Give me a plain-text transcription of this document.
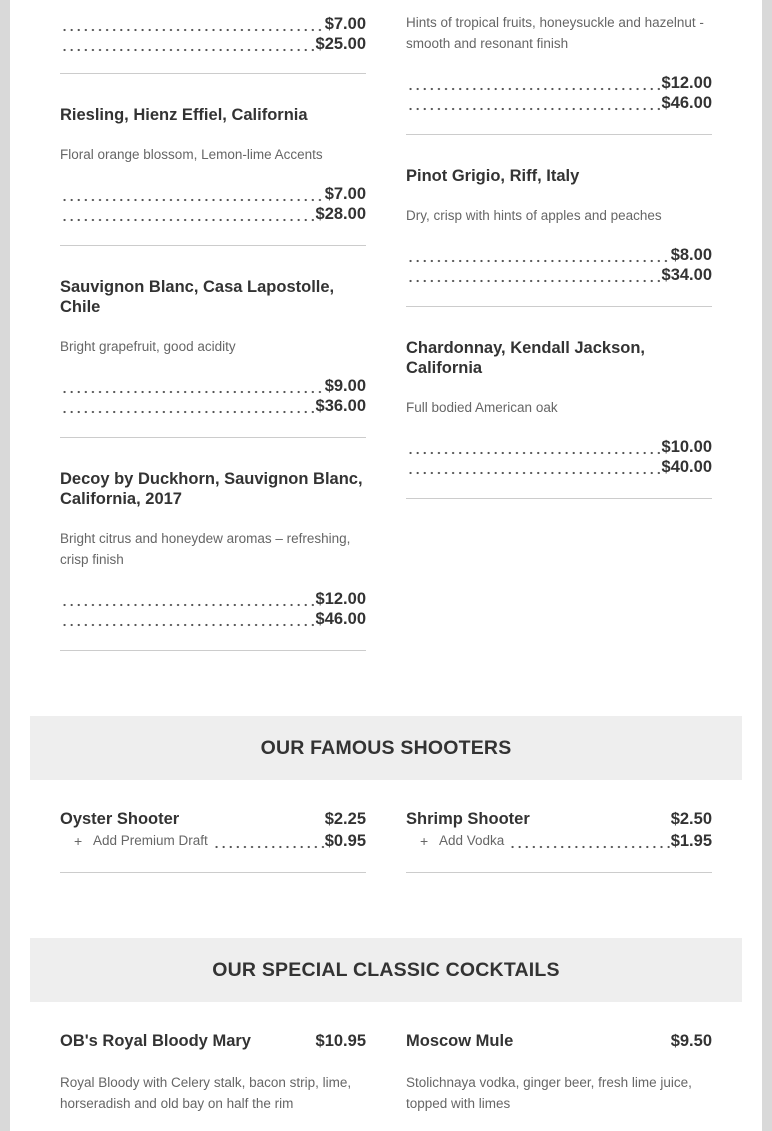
$7.00
$25.00
Riesling, Hienz Effiel, California
Floral orange blossom, Lemon-lime Accents
$7.00
$28.00
Sauvignon Blanc, Casa Lapostolle, Chile
Bright grapefruit, good acidity
$9.00
$36.00
Decoy by Duckhorn, Sauvignon Blanc, California, 2017
Bright citrus and honeydew aromas – refreshing, crisp finish
$12.00
$46.00
Hints of tropical fruits, honeysuckle and hazelnut - smooth and resonant finish
$12.00
$46.00
Pinot Grigio, Riff, Italy
Dry, crisp with hints of apples and peaches
$8.00
$34.00
Chardonnay, Kendall Jackson, California
Full bodied American oak
$10.00
$40.00
OUR FAMOUS SHOOTERS
Oyster Shooter	$2.25
+ Add Premium Draft	$0.95
Shrimp Shooter	$2.50
+ Add Vodka	$1.95
OUR SPECIAL CLASSIC COCKTAILS
OB's Royal Bloody Mary	$10.95
Royal Bloody with Celery stalk, bacon strip, lime, horseradish and old bay on half the rim
Moscow Mule	$9.50
Stolichnaya vodka, ginger beer, fresh lime juice, topped with limes
